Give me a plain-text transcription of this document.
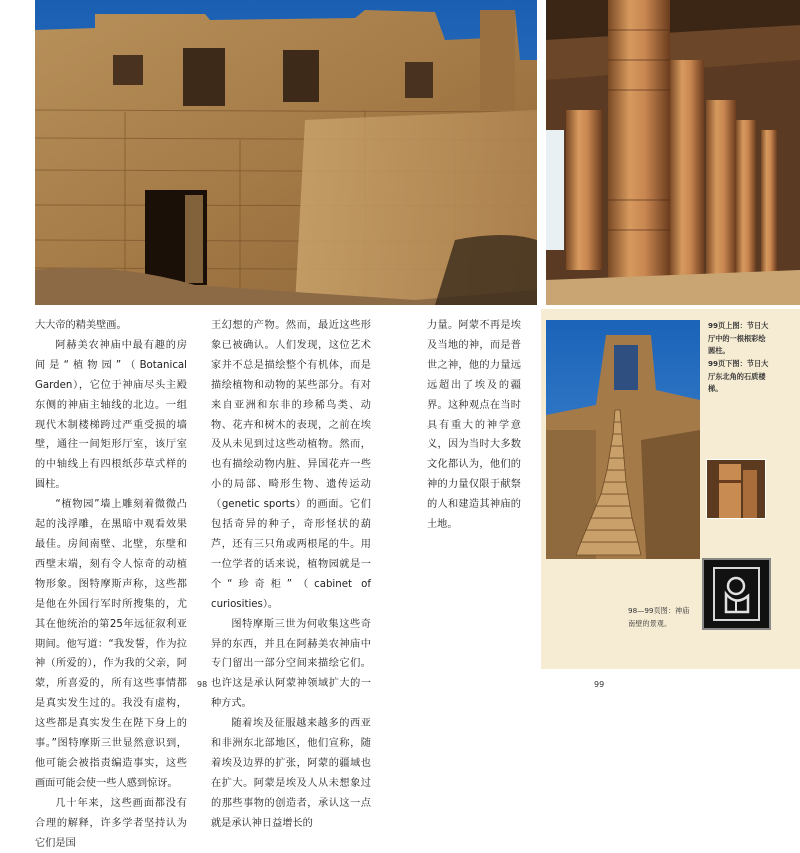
大大帝的精美壁画。

阿赫美农神庙中最有趣的房间是“植物园”（Botanical Garden），它位于神庙尽头主殿东侧的神庙主轴线的北边。一组现代木制楼梯跨过严重受损的墙壁，通往一间矩形厅室，该厅室的中轴线上有四根纸莎草式样的圆柱。

“植物园”墙上雕刻着微微凸起的浅浮雕，在黑暗中观看效果最佳。房间南壁、北壁，东壁和西壁末端，刻有令人惊奇的动植物形象。图特摩斯声称，这些都是他在外国行军时所搜集的，尤其在他统治的第25年远征叙利亚期间。他写道：“我发誓，作为拉神（所爱的），作为我的父亲，阿蒙，所喜爱的，所有这些事情都是真实发生过的。我没有虚构，这些都是真实发生在陛下身上的事。”图特摩斯三世显然意识到，他可能会被指责编造事实，这些画面可能会使一些人感到惊讶。

几十年来，这些画面都没有合理的解释，许多学者坚持认为它们是国

王幻想的产物。然而，最近这些形象已被确认。人们发现，这位艺术家并不总是描绘整个有机体，而是描绘植物和动物的某些部分。有对来自亚洲和东非的珍稀鸟类、动物、花卉和树木的表现，之前在埃及从未见到过这些动植物。然而，也有描绘动物内脏、异国花卉一些小的局部、畸形生物、遗传运动（genetic sports）的画面。它们包括奇异的种子，奇形怪状的葫芦，还有三只角或两根尾的牛。用一位学者的话来说，植物园就是一个“珍奇柜”（cabinet of curiosities）。

图特摩斯三世为何收集这些奇异的东西，并且在阿赫美农神庙中专门留出一部分空间来描绘它们。也许这是承认阿蒙神领域扩大的一种方式。

随着埃及征服越来越多的西亚和非洲东北部地区，他们宣称，随着埃及边界的扩张，阿蒙的疆域也在扩大。阿蒙是埃及人从未想象过的那些事物的创造者，承认这一点就是承认神日益增长的

力量。阿蒙不再是埃及当地的神，而是普世之神，他的力量远远超出了埃及的疆界。这种观点在当时具有重大的神学意义，因为当时大多数文化都认为，他们的神的力量仅限于献祭的人和建造其神庙的土地。

99页上图：节日大厅中的一根根彩绘圆柱。
99页下图：节日大厅东北角的石质楼梯。
98—99页图：神庙南壁的景观。
98	99
